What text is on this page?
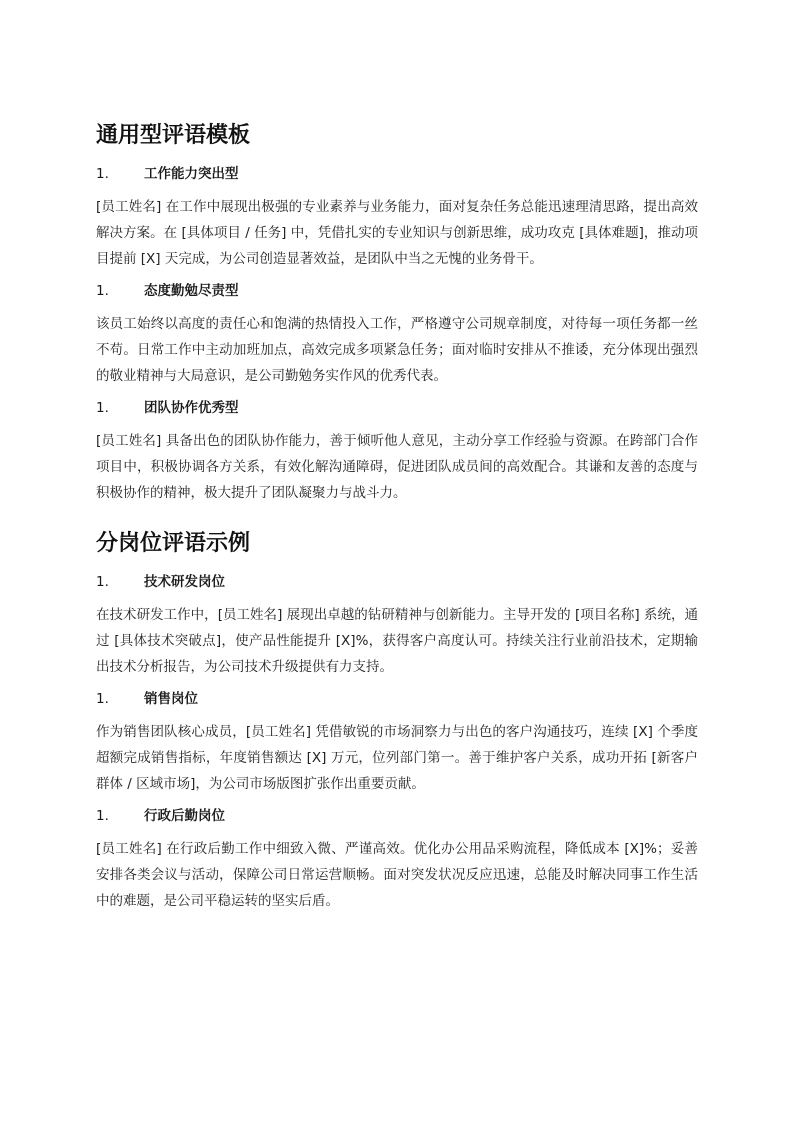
通用型评语模板
1.	工作能力突出型

[员工姓名] 在工作中展现出极强的专业素养与业务能力，面对复杂任务总能迅速理清思路，提出高效解决方案。在 [具体项目 / 任务] 中，凭借扎实的专业知识与创新思维，成功攻克 [具体难题]，推动项目提前 [X] 天完成，为公司创造显著效益，是团队中当之无愧的业务骨干。

1.	态度勤勉尽责型

该员工始终以高度的责任心和饱满的热情投入工作，严格遵守公司规章制度，对待每一项任务都一丝不苟。日常工作中主动加班加点，高效完成多项紧急任务；面对临时安排从不推诿，充分体现出强烈的敬业精神与大局意识，是公司勤勉务实作风的优秀代表。

1.	团队协作优秀型

[员工姓名] 具备出色的团队协作能力，善于倾听他人意见，主动分享工作经验与资源。在跨部门合作项目中，积极协调各方关系，有效化解沟通障碍，促进团队成员间的高效配合。其谦和友善的态度与积极协作的精神，极大提升了团队凝聚力与战斗力。

分岗位评语示例
1.	技术研发岗位

在技术研发工作中，[员工姓名] 展现出卓越的钻研精神与创新能力。主导开发的 [项目名称] 系统，通过 [具体技术突破点]，使产品性能提升 [X]%，获得客户高度认可。持续关注行业前沿技术，定期输出技术分析报告，为公司技术升级提供有力支持。

1.	销售岗位

作为销售团队核心成员，[员工姓名] 凭借敏锐的市场洞察力与出色的客户沟通技巧，连续 [X] 个季度超额完成销售指标，年度销售额达 [X] 万元，位列部门第一。善于维护客户关系，成功开拓 [新客户群体 / 区域市场]，为公司市场版图扩张作出重要贡献。

1.	行政后勤岗位

[员工姓名] 在行政后勤工作中细致入微、严谨高效。优化办公用品采购流程，降低成本 [X]%；妥善安排各类会议与活动，保障公司日常运营顺畅。面对突发状况反应迅速，总能及时解决同事工作生活中的难题，是公司平稳运转的坚实后盾。
